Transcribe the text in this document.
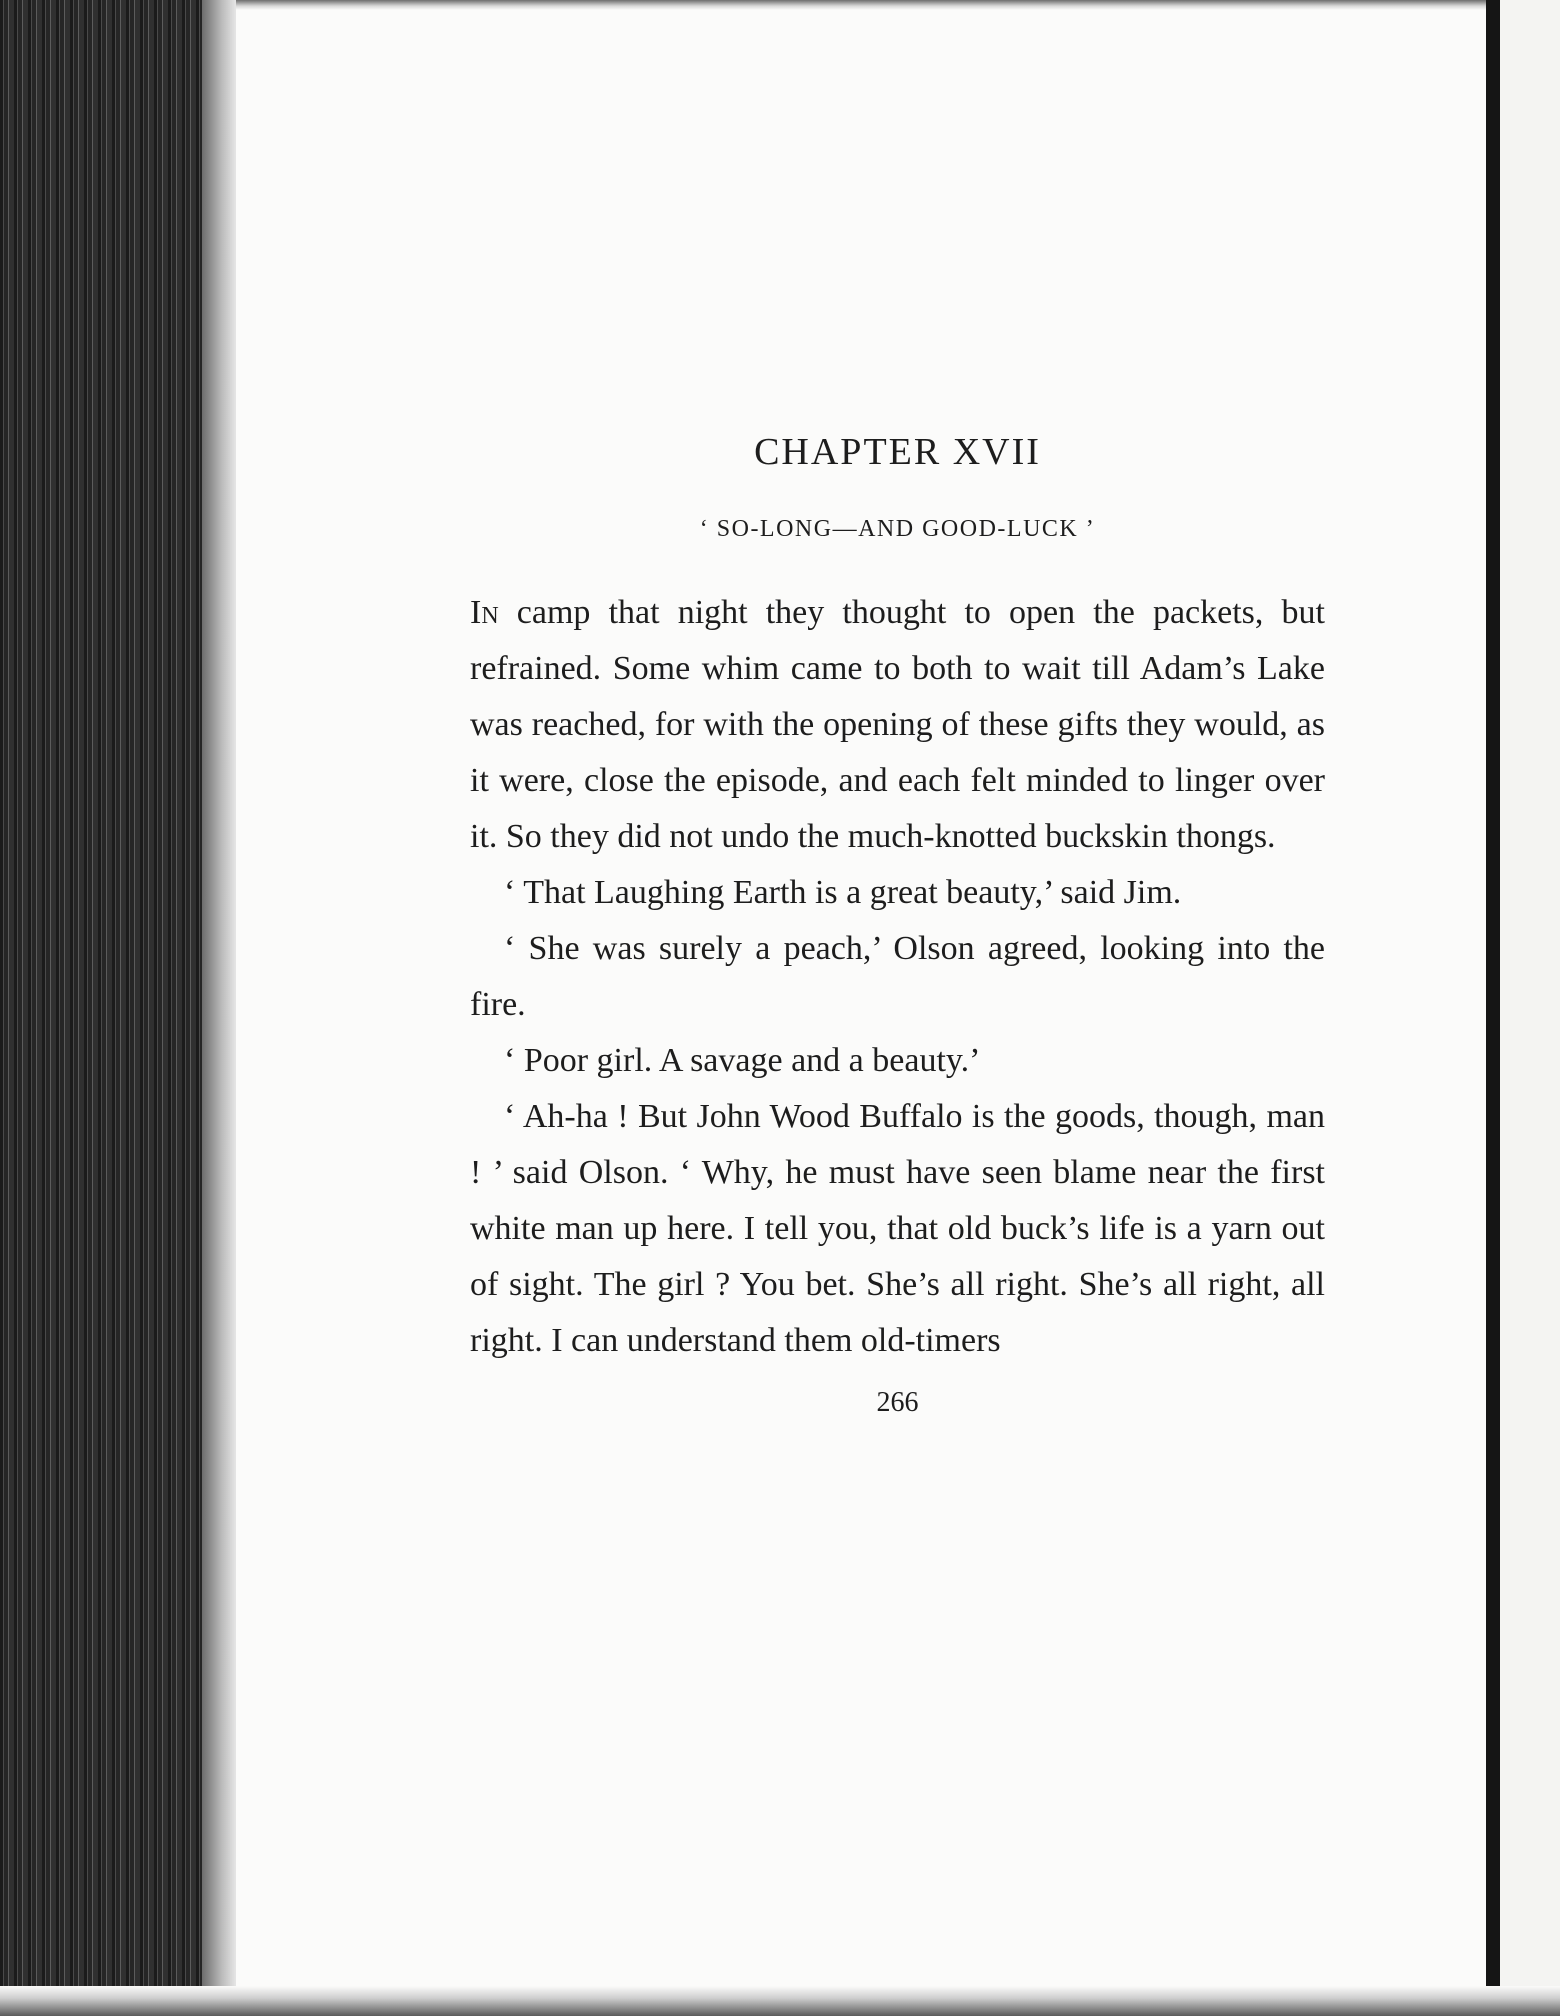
CHAPTER XVII
‘ SO-LONG—AND GOOD-LUCK ’

In camp that night they thought to open the packets, but refrained. Some whim came to both to wait till Adam’s Lake was reached, for with the opening of these gifts they would, as it were, close the episode, and each felt minded to linger over it. So they did not undo the much-knotted buckskin thongs.

‘ That Laughing Earth is a great beauty,’ said Jim.

‘ She was surely a peach,’ Olson agreed, looking into the fire.

‘ Poor girl. A savage and a beauty.’

‘ Ah-ha ! But John Wood Buffalo is the goods, though, man ! ’ said Olson. ‘ Why, he must have seen blame near the first white man up here. I tell you, that old buck’s life is a yarn out of sight. The girl ? You bet. She’s all right. She’s all right, all right. I can understand them old-timers

266
